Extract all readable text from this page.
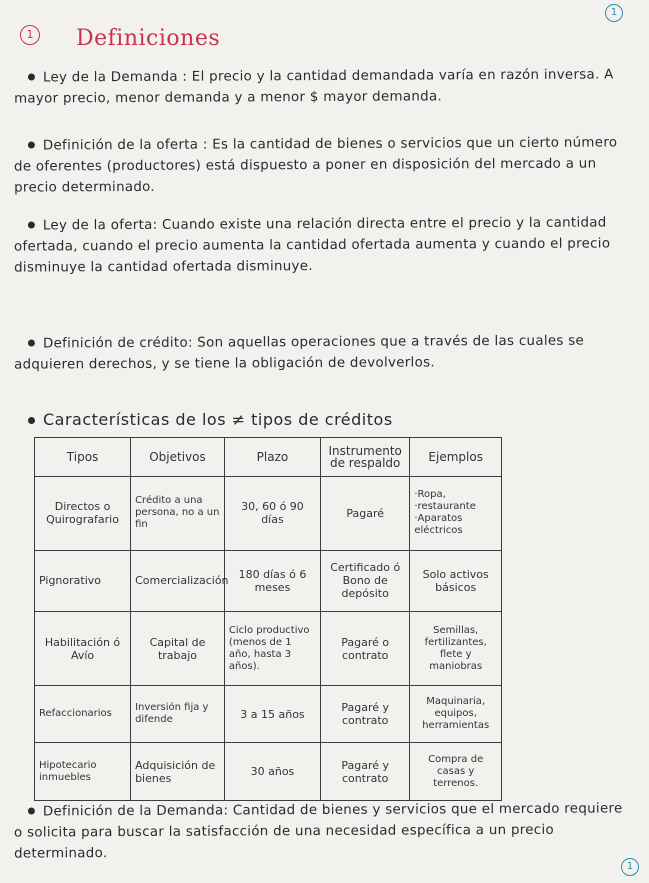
1
1 Definiciones
Ley de la Demanda : El precio y la cantidad demandada varía en razón inversa. A mayor precio, menor demanda y a menor $ mayor demanda.
Definición de la oferta : Es la cantidad de bienes o servicios que un cierto número de oferentes (productores) está dispuesto a poner en disposición del mercado a un precio determinado.
Ley de la oferta: Cuando existe una relación directa entre el precio y la cantidad ofertada, cuando el precio aumenta la cantidad ofertada aumenta y cuando el precio disminuye la cantidad ofertada disminuye.
Definición de crédito: Son aquellas operaciones que a través de las cuales se adquieren derechos, y se tiene la obligación de devolverlos.
Características de los ≠ tipos de créditos
Tipos	Objetivos	Plazo	Instrumento de respaldo	Ejemplos
Directos o Quirografario	Crédito a una persona, no a un fin	30, 60 ó 90 días	Pagaré	·Ropa, ·restaurante ·Aparatos eléctricos
Pignorativo	Comercialización	180 días ó 6 meses	Certificado ó Bono de depósito	Solo activos básicos
Habilitación ó Avío	Capital de trabajo	Ciclo productivo (menos de 1 año, hasta 3 años).	Pagaré o contrato	Semillas, fertilizantes, flete y maniobras
Refaccionarios	Inversión fija y difende	3 a 15 años	Pagaré y contrato	Maquinaria, equipos, herramientas
Hipotecario inmuebles	Adquisición de bienes	30 años	Pagaré y contrato	Compra de casas y terrenos.
Definición de la Demanda: Cantidad de bienes y servicios que el mercado requiere o solicita para buscar la satisfacción de una necesidad específica a un precio determinado.
1
